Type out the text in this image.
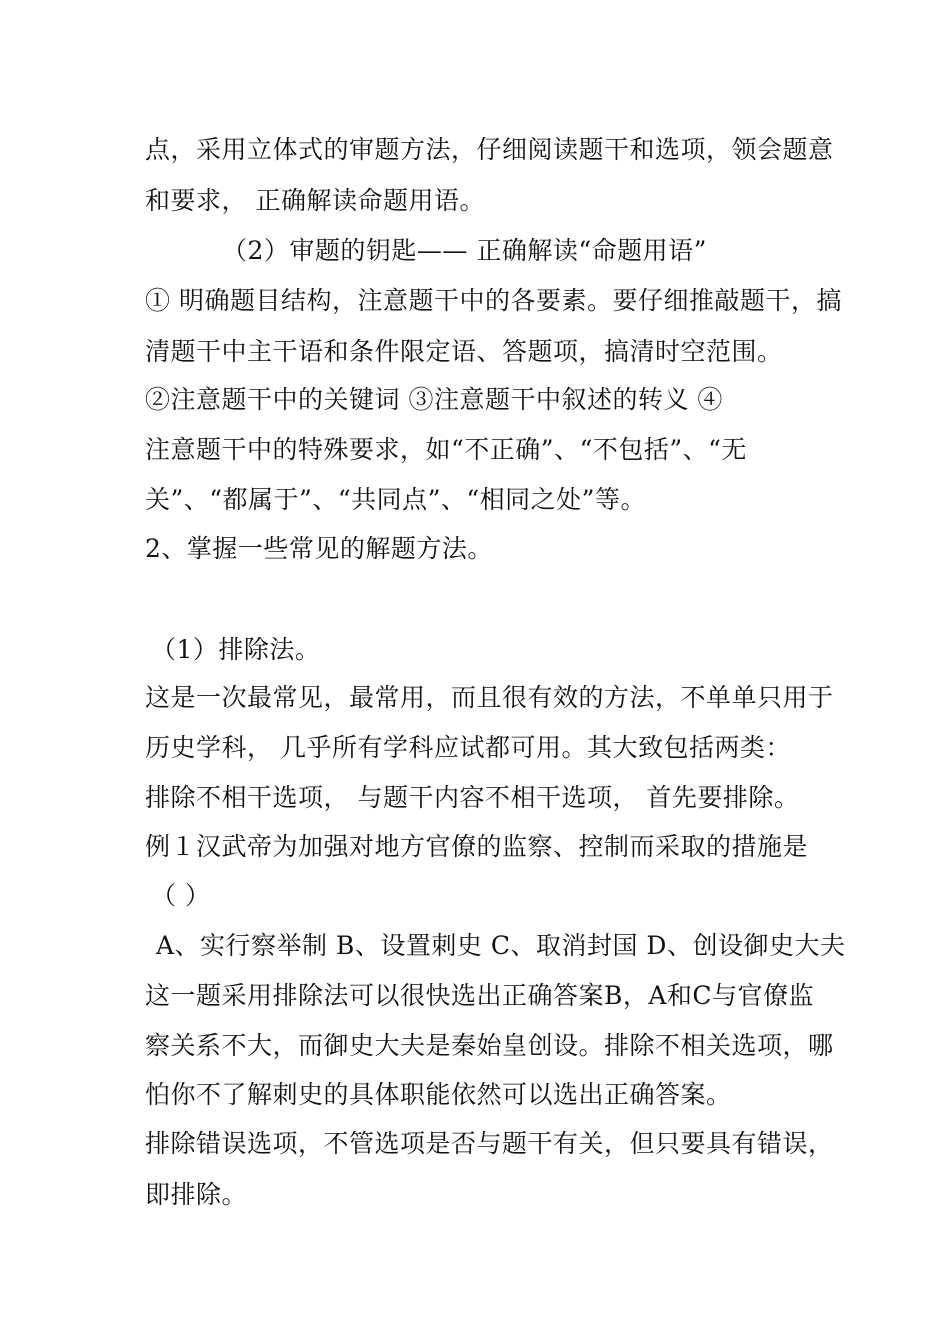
点，采用立体式的审题方法，仔细阅读题干和选项，领会题意
和要求， 正确解读命题用语。
（2）审题的钥匙—— 正确解读“命题用语”
① 明确题目结构，注意题干中的各要素。要仔细推敲题干，搞
清题干中主干语和条件限定语、答题项，搞清时空范围。
②注意题干中的关键词 ③注意题干中叙述的转义 ④
注意题干中的特殊要求，如“不正确”、“不包括”、“无
关”、“都属于”、“共同点”、“相同之处”等。
2、掌握一些常见的解题方法。
（1）排除法。
这是一次最常见，最常用，而且很有效的方法，不单单只用于
历史学科， 几乎所有学科应试都可用。其大致包括两类：
排除不相干选项， 与题干内容不相干选项， 首先要排除。
例１汉武帝为加强对地方官僚的监察、控制而采取的措施是
（ ）
A、实行察举制 B、设置刺史 C、取消封国 D、创设御史大夫
这一题采用排除法可以很快选出正确答案B，A和C与官僚监
察关系不大，而御史大夫是秦始皇创设。排除不相关选项，哪
怕你不了解刺史的具体职能依然可以选出正确答案。
排除错误选项，不管选项是否与题干有关，但只要具有错误，
即排除。
